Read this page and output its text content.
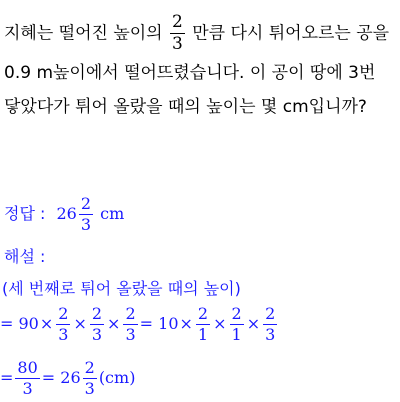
지혜는 떨어진 높이의 $\frac{2}{3}$ 만큼 다시 튀어오르는 공을
0.9 m높이에서 떨어뜨렸습니다. 이 공이 땅에 3번
닿았다가 튀어 올랐을 때의 높이는 몇 cm입니까?
정답 : $26 \frac{2}{3}$ cm
해설 :
(세 번째로 튀어 올랐을 때의 높이)
= $90\times \frac{2}{3} \times \frac{2}{3} \times \frac{2}{3} = 10\times \frac{2}{1} \times \frac{2}{1} \times \frac{2}{3}$
= $\frac{80}{3} = 26 \frac{2}{3} (cm)$
